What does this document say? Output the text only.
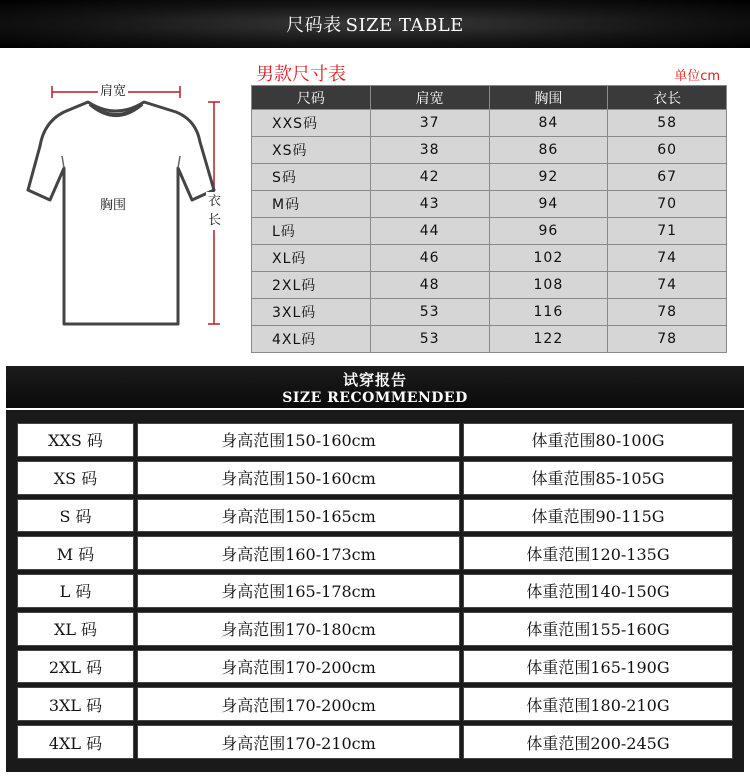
尺码表 SIZE TABLE
肩宽
胸围	衣长
男款尺寸表	单位cm
尺码	肩宽	胸围	衣长
XXS码	37	84	58
XS码	38	86	60
S码	42	92	67
M码	43	94	70
L码	44	96	71
XL码	46	102	74
2XL码	48	108	74
3XL码	53	116	78
4XL码	53	122	78
试穿报告
SIZE RECOMMENDED
XXS 码	身高范围150-160cm	体重范围80-100G
XS 码	身高范围150-160cm	体重范围85-105G
S 码	身高范围150-165cm	体重范围90-115G
M 码	身高范围160-173cm	体重范围120-135G
L 码	身高范围165-178cm	体重范围140-150G
XL 码	身高范围170-180cm	体重范围155-160G
2XL 码	身高范围170-200cm	体重范围165-190G
3XL 码	身高范围170-200cm	体重范围180-210G
4XL 码	身高范围170-210cm	体重范围200-245G
